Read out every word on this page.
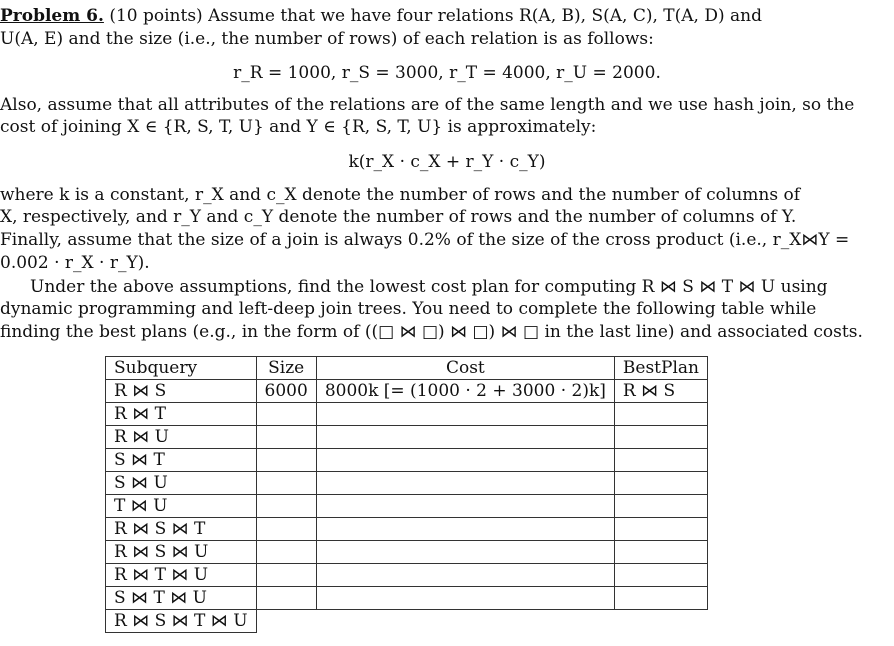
Problem 6. (10 points) Assume that we have four relations R(A, B), S(A, C), T(A, D) and
U(A, E) and the size (i.e., the number of rows) of each relation is as follows:
r_R = 1000, r_S = 3000, r_T = 4000, r_U = 2000.
Also, assume that all attributes of the relations are of the same length and we use hash join, so the
cost of joining X ∈ {R, S, T, U} and Y ∈ {R, S, T, U} is approximately:
k(r_X · c_X + r_Y · c_Y)
where k is a constant, r_X and c_X denote the number of rows and the number of columns of
X, respectively, and r_Y and c_Y denote the number of rows and the number of columns of Y.
Finally, assume that the size of a join is always 0.2% of the size of the cross product (i.e., r_X⋈Y =
0.002 · r_X · r_Y).
Under the above assumptions, find the lowest cost plan for computing R ⋈ S ⋈ T ⋈ U using
dynamic programming and left-deep join trees. You need to complete the following table while
finding the best plans (e.g., in the form of ((□ ⋈ □) ⋈ □) ⋈ □ in the last line) and associated costs.
Subquery	Size	Cost	BestPlan
R ⋈ S	6000	8000k [= (1000 · 2 + 3000 · 2)k]	R ⋈ S
R ⋈ T			
R ⋈ U			
S ⋈ T			
S ⋈ U			
T ⋈ U			
R ⋈ S ⋈ T			
R ⋈ S ⋈ U			
R ⋈ T ⋈ U			
S ⋈ T ⋈ U			
R ⋈ S ⋈ T ⋈ U			
